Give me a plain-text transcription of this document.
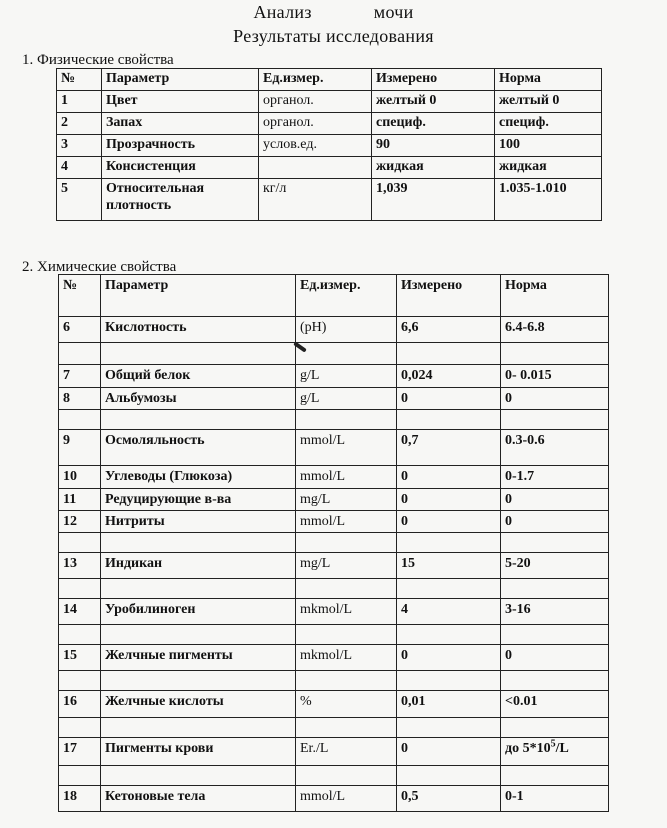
Анализ	мочи
Результаты исследования
1. Физические свойства
№	Параметр	Ед.измер.	Измерено	Норма
1	Цвет	органол.	желтый 0	желтый 0
2	Запах	органол.	специф.	специф.
3	Прозрачность	услов.ед.	90	100
4	Консистенция		жидкая	жидкая
5	Относительная плотность	кг/л	1,039	1.035-1.010
2. Химические свойства
№	Параметр	Ед.измер.	Измерено	Норма
6	Кислотность	(pH)	6,6	6.4-6.8

7	Общий белок	g/L	0,024	0- 0.015
8	Альбумозы	g/L	0	0

9	Осмоляльность	mmol/L	0,7	0.3-0.6
10	Углеводы (Глюкоза)	mmol/L	0	0-1.7
11	Редуцирующие в-ва	mg/L	0	0
12	Нитриты	mmol/L	0	0

13	Индикан	mg/L	15	5-20

14	Уробилиноген	mkmol/L	4	3-16

15	Желчные пигменты	mkmol/L	0	0

16	Желчные кислоты	%	0,01	<0.01

17	Пигменты крови	Er./L	0	до $5*10^5/L$

18	Кетоновые тела	mmol/L	0,5	0-1
